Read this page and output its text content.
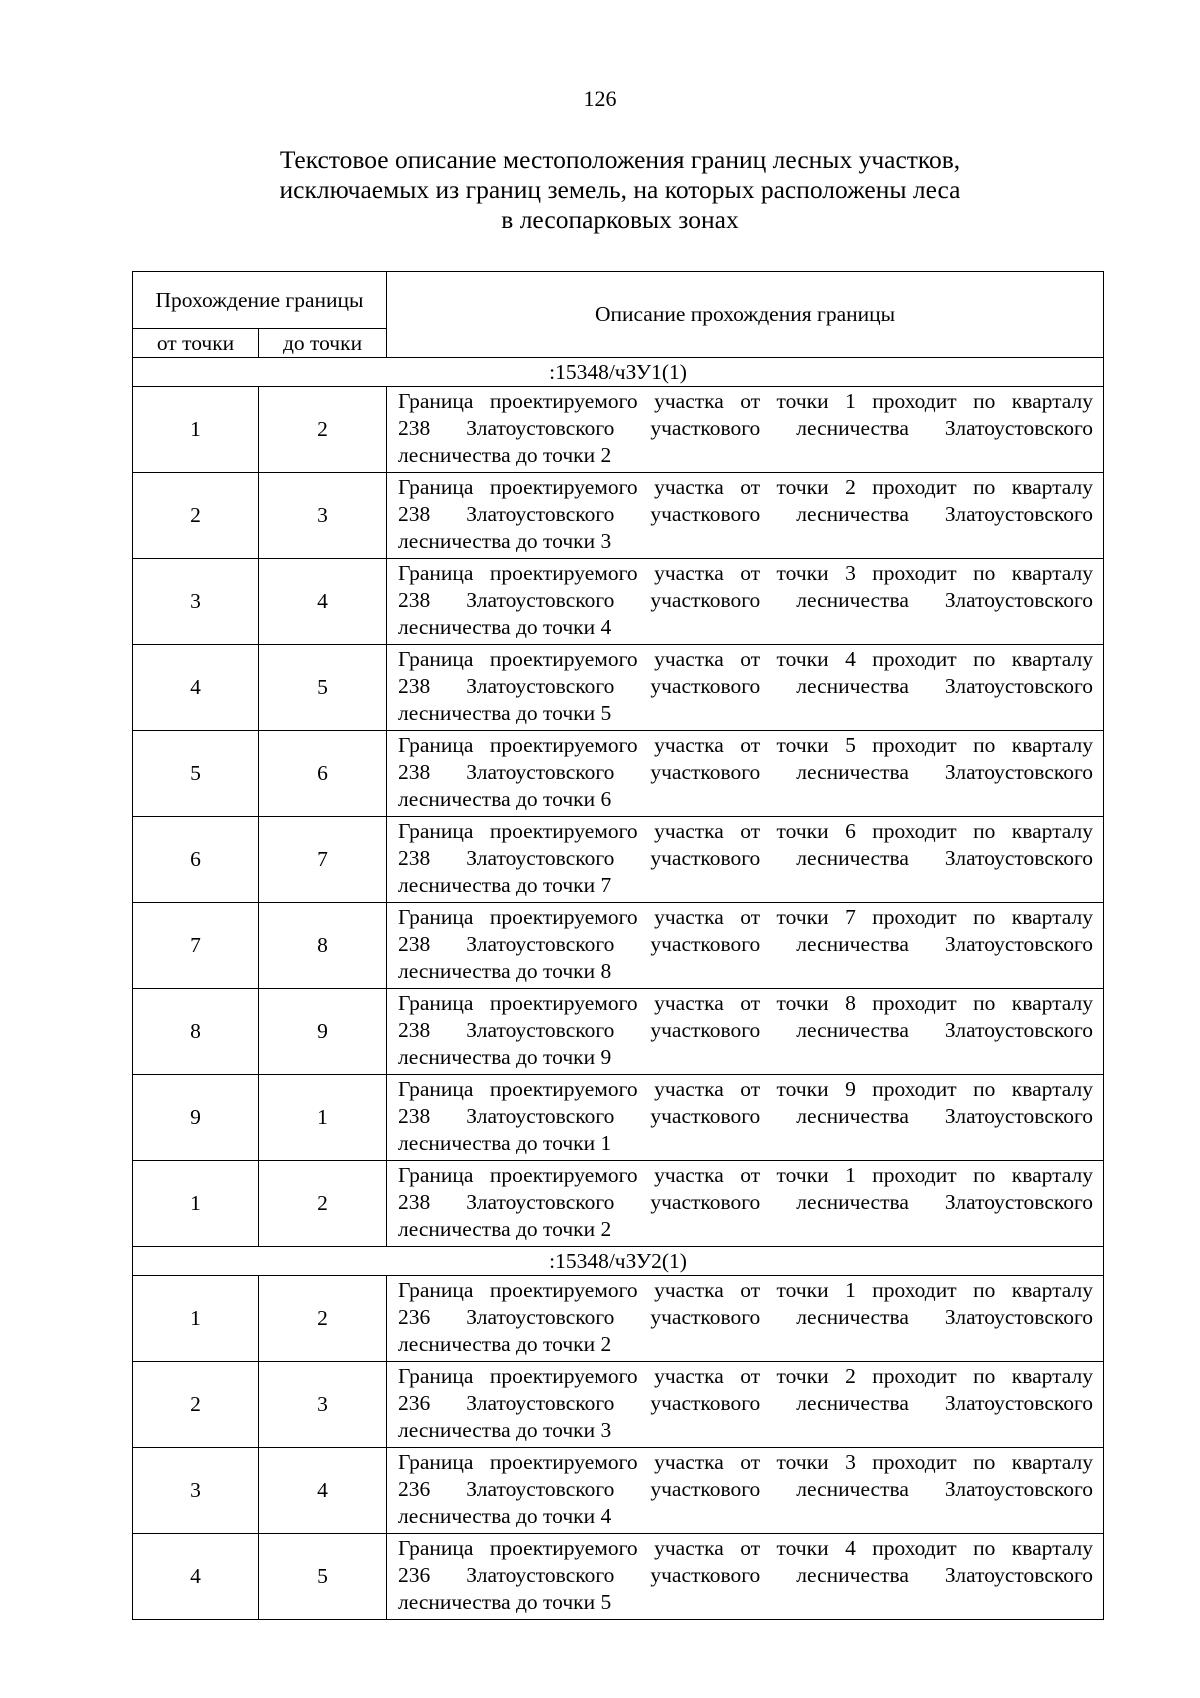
126
Текстовое описание местоположения границ лесных участков,
исключаемых из границ земель, на которых расположены леса
в лесопарковых зонах
Прохождение границы		Описание прохождения границы
от точки	до точки	
:15348/чЗУ1(1)		
1	2	Граница проектируемого участка от точки 1 проходит по кварталу
238 Златоустовского участкового лесничества Златоустовского
лесничества до точки 2

2	3	Граница проектируемого участка от точки 2 проходит по кварталу
238 Златоустовского участкового лесничества Златоустовского
лесничества до точки 3

3	4	Граница проектируемого участка от точки 3 проходит по кварталу
238 Златоустовского участкового лесничества Златоустовского
лесничества до точки 4

4	5	Граница проектируемого участка от точки 4 проходит по кварталу
238 Златоустовского участкового лесничества Златоустовского
лесничества до точки 5

5	6	Граница проектируемого участка от точки 5 проходит по кварталу
238 Златоустовского участкового лесничества Златоустовского
лесничества до точки 6

6	7	Граница проектируемого участка от точки 6 проходит по кварталу
238 Златоустовского участкового лесничества Златоустовского
лесничества до точки 7

7	8	Граница проектируемого участка от точки 7 проходит по кварталу
238 Златоустовского участкового лесничества Златоустовского
лесничества до точки 8

8	9	Граница проектируемого участка от точки 8 проходит по кварталу
238 Златоустовского участкового лесничества Златоустовского
лесничества до точки 9

9	1	Граница проектируемого участка от точки 9 проходит по кварталу
238 Златоустовского участкового лесничества Златоустовского
лесничества до точки 1

1	2	Граница проектируемого участка от точки 1 проходит по кварталу
238 Златоустовского участкового лесничества Златоустовского
лесничества до точки 2

:15348/чЗУ2(1)		
1	2	Граница проектируемого участка от точки 1 проходит по кварталу
236 Златоустовского участкового лесничества Златоустовского
лесничества до точки 2

2	3	Граница проектируемого участка от точки 2 проходит по кварталу
236 Златоустовского участкового лесничества Златоустовского
лесничества до точки 3

3	4	Граница проектируемого участка от точки 3 проходит по кварталу
236 Златоустовского участкового лесничества Златоустовского
лесничества до точки 4

4	5	Граница проектируемого участка от точки 4 проходит по кварталу
236 Златоустовского участкового лесничества Златоустовского
лесничества до точки 5
